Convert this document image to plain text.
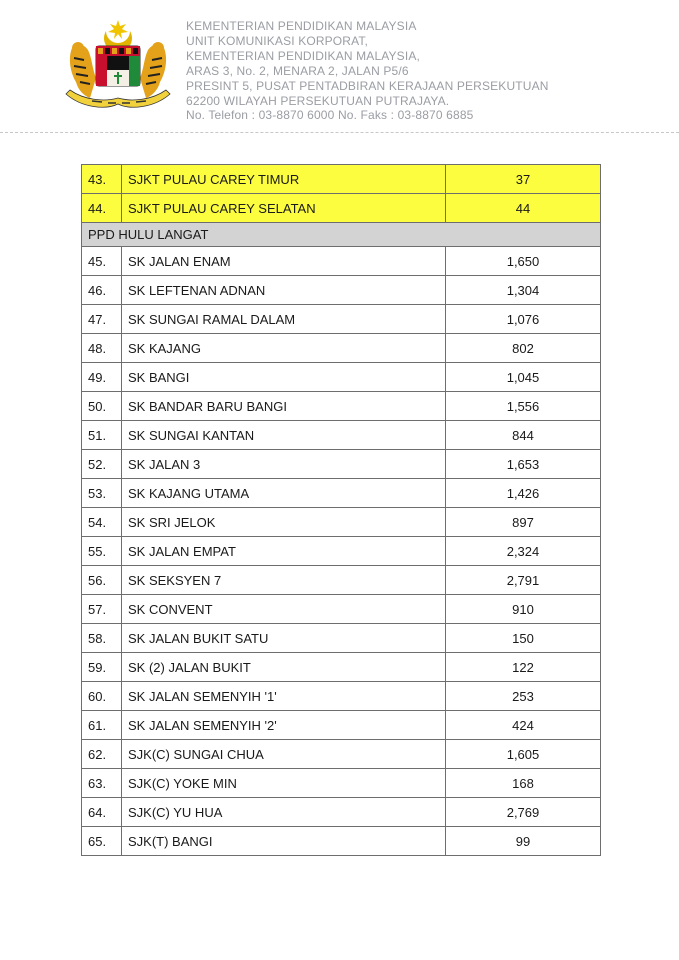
KEMENTERIAN PENDIDIKAN MALAYSIA
UNIT KOMUNIKASI KORPORAT,
KEMENTERIAN PENDIDIKAN MALAYSIA,
ARAS 3, No. 2, MENARA 2, JALAN P5/6
PRESINT 5, PUSAT PENTADBIRAN KERAJAAN PERSEKUTUAN
62200 WILAYAH PERSEKUTUAN PUTRAJAYA.
No. Telefon : 03-8870 6000 No. Faks : 03-8870 6885
43.	SJKT PULAU CAREY TIMUR	37
44.	SJKT PULAU CAREY SELATAN	44
PPD HULU LANGAT		
45.	SK JALAN ENAM	1,650
46.	SK LEFTENAN ADNAN	1,304
47.	SK SUNGAI RAMAL DALAM	1,076
48.	SK KAJANG	802
49.	SK BANGI	1,045
50.	SK BANDAR BARU BANGI	1,556
51.	SK SUNGAI KANTAN	844
52.	SK JALAN 3	1,653
53.	SK KAJANG UTAMA	1,426
54.	SK SRI JELOK	897
55.	SK JALAN EMPAT	2,324
56.	SK SEKSYEN 7	2,791
57.	SK CONVENT	910
58.	SK JALAN BUKIT SATU	150
59.	SK (2) JALAN BUKIT	122
60.	SK JALAN SEMENYIH '1'	253
61.	SK JALAN SEMENYIH '2'	424
62.	SJK(C) SUNGAI CHUA	1,605
63.	SJK(C) YOKE MIN	168
64.	SJK(C) YU HUA	2,769
65.	SJK(T) BANGI	99
